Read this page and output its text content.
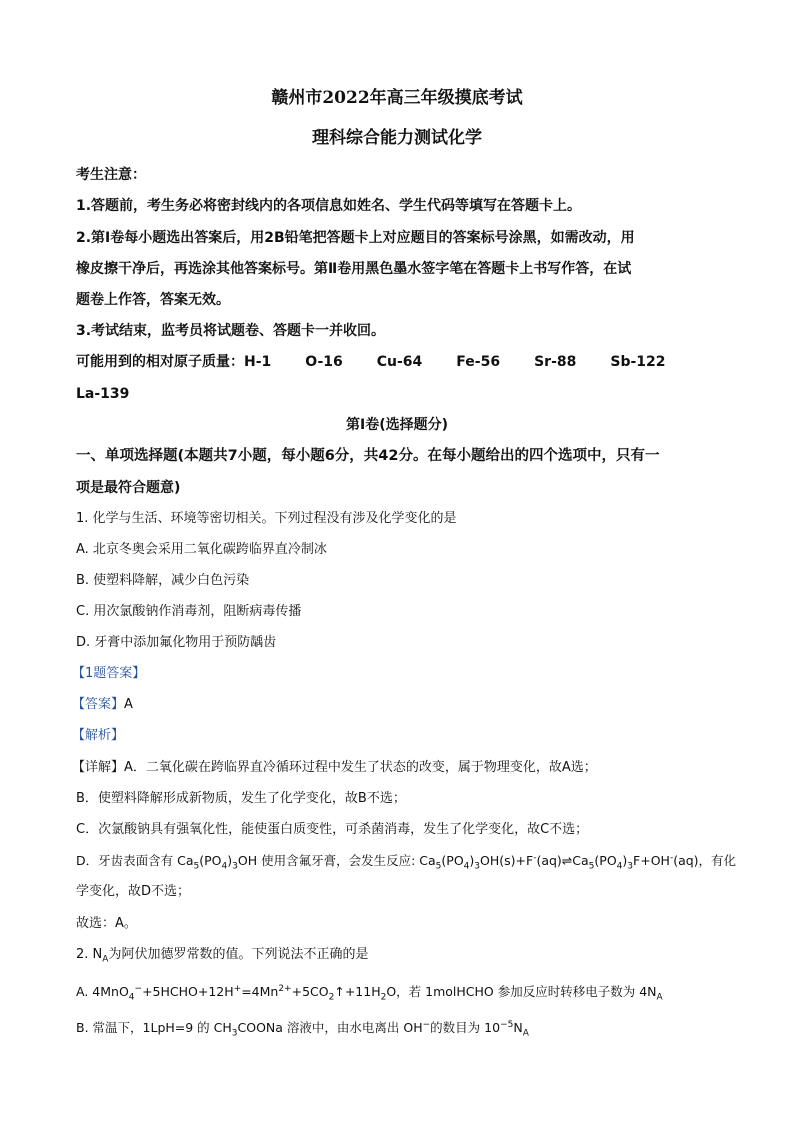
赣州市2022年高三年级摸底考试
理科综合能力测试化学
考生注意：
1.答题前，考生务必将密封线内的各项信息如姓名、学生代码等填写在答题卡上。
2.第Ⅰ卷每小题选出答案后，用2B铅笔把答题卡上对应题目的答案标号涂黑，如需改动，用
橡皮擦干净后，再选涂其他答案标号。第Ⅱ卷用黑色墨水签字笔在答题卡上书写作答，在试
题卷上作答，答案无效。
3.考试结束，监考员将试题卷、答题卡一并收回。
可能用到的相对原子质量：H-1 O-16 Cu-64 Fe-56 Sr-88 Sb-122
La-139
第Ⅰ卷(选择题分)
一、单项选择题(本题共7小题，每小题6分，共42分。在每小题给出的四个选项中，只有一
项是最符合题意)
1. 化学与生活、环境等密切相关。下列过程没有涉及化学变化的是
A. 北京冬奥会采用二氧化碳跨临界直冷制冰
B. 使塑料降解，减少白色污染
C. 用次氯酸钠作消毒剂，阻断病毒传播
D. 牙膏中添加氟化物用于预防龋齿
【1题答案】
【答案】A
【解析】
【详解】A．二氧化碳在跨临界直冷循环过程中发生了状态的改变，属于物理变化，故A选；
B．使塑料降解形成新物质，发生了化学变化，故B不选；
C．次氯酸钠具有强氧化性，能使蛋白质变性，可杀菌消毒，发生了化学变化，故C不选；
D．牙齿表面含有 $Ca_5(PO_4)_3OH$ 使用含氟牙膏，会发生反应: $Ca_5(PO_4)_3OH(s)+F^-(aq)\rightleftharpoons Ca_5(PO_4)_3F+OH^-(aq)$，有化
学变化，故D不选；
故选：A。
2. $N_A$为阿伏加德罗常数的值。下列说法不正确的是
A. $4MnO_4^-+5HCHO+12H^+=4Mn^{2+}+5CO_2↑+11H_2O$，若 1molHCHO 参加反应时转移电子数为 $4N_A$
B. 常温下，1LpH=9 的 $CH_3COONa$ 溶液中，由水电离出 OH−的数目为 $10^{-5}N_A$
